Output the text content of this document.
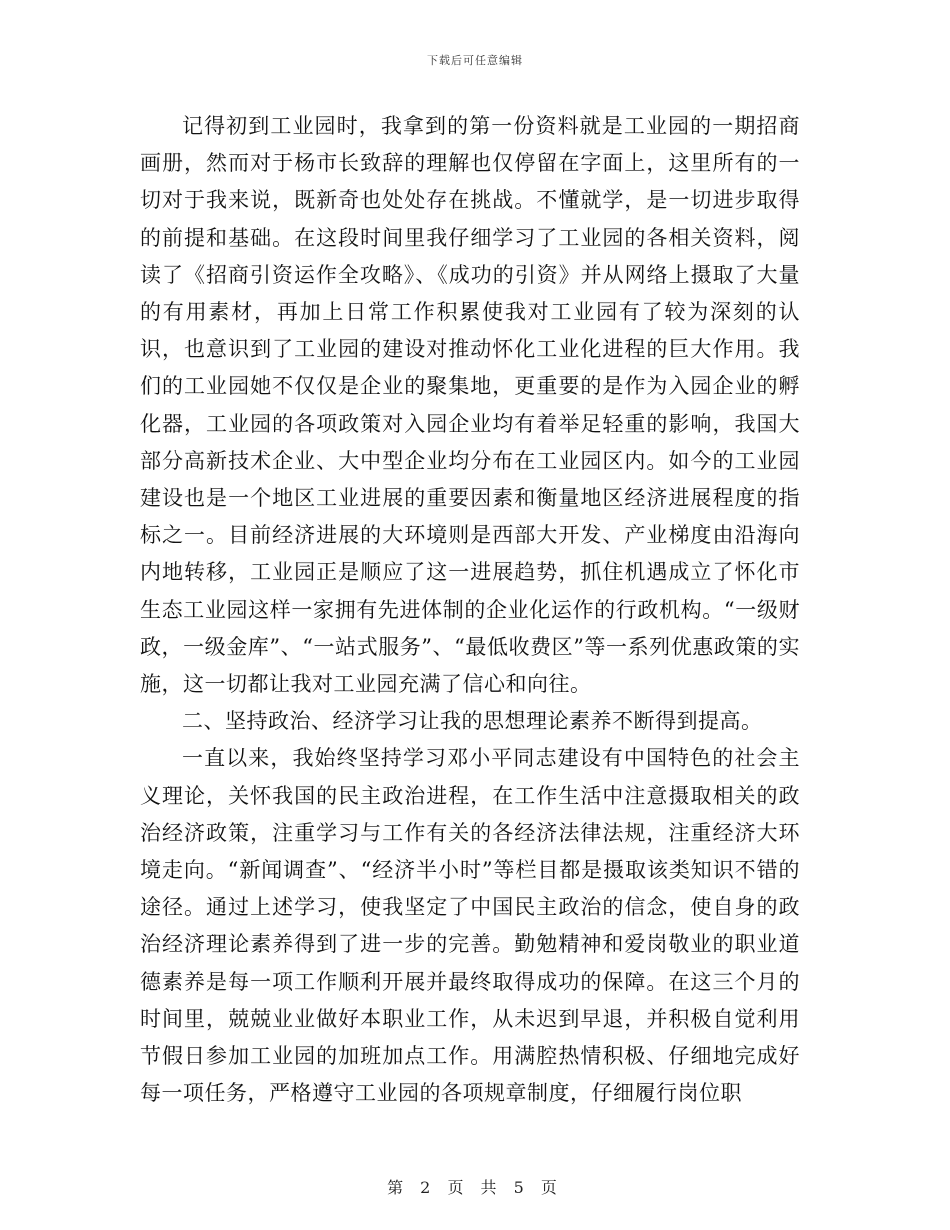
下载后可任意编辑

记得初到工业园时，我拿到的第一份资料就是工业园的一期招商画册，然而对于杨市长致辞的理解也仅停留在字面上，这里所有的一切对于我来说，既新奇也处处存在挑战。不懂就学，是一切进步取得的前提和基础。在这段时间里我仔细学习了工业园的各相关资料，阅读了《招商引资运作全攻略》、《成功的引资》并从网络上摄取了大量的有用素材，再加上日常工作积累使我对工业园有了较为深刻的认识，也意识到了工业园的建设对推动怀化工业化进程的巨大作用。我们的工业园她不仅仅是企业的聚集地，更重要的是作为入园企业的孵化器，工业园的各项政策对入园企业均有着举足轻重的影响，我国大部分高新技术企业、大中型企业均分布在工业园区内。如今的工业园建设也是一个地区工业进展的重要因素和衡量地区经济进展程度的指标之一。目前经济进展的大环境则是西部大开发、产业梯度由沿海向内地转移，工业园正是顺应了这一进展趋势，抓住机遇成立了怀化市生态工业园这样一家拥有先进体制的企业化运作的行政机构。“一级财政，一级金库”、“一站式服务”、“最低收费区”等一系列优惠政策的实施，这一切都让我对工业园充满了信心和向往。

二、坚持政治、经济学习让我的思想理论素养不断得到提高。

一直以来，我始终坚持学习邓小平同志建设有中国特色的社会主义理论，关怀我国的民主政治进程，在工作生活中注意摄取相关的政治经济政策，注重学习与工作有关的各经济法律法规，注重经济大环境走向。“新闻调查”、“经济半小时”等栏目都是摄取该类知识不错的途径。通过上述学习，使我坚定了中国民主政治的信念，使自身的政治经济理论素养得到了进一步的完善。勤勉精神和爱岗敬业的职业道德素养是每一项工作顺利开展并最终取得成功的保障。在这三个月的时间里，兢兢业业做好本职业工作，从未迟到早退，并积极自觉利用节假日参加工业园的加班加点工作。用满腔热情积极、仔细地完成好每一项任务，严格遵守工业园的各项规章制度，仔细履行岗位职

第 2 页 共 5 页
